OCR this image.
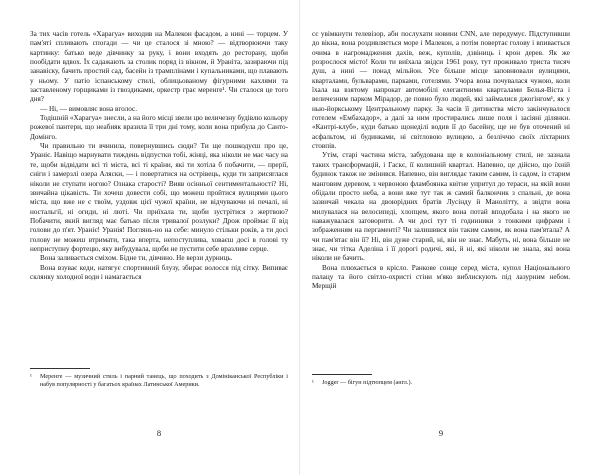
За тих часів готель «Харагуа» виходив на Малекон фасадом, а нині — торцем. У пам'яті спливають спогади — чи це сталося зі мною? — відтворюючи таку картинку: батько веде дівчинку за руку, і вони входять до ресторану, щоби пообідати вдвох. Їх садажають за столик поряд із вікном, й Ураніта, зазираючи під занавіску, бачить простий сад, басейн із трамплінами і купальниками, що плавають у ньому. У патіо іспанському стилі, облицьованому фігурними кахлями та заставленому горщиками із гвоздиками, оркестр грає меренге¹. Чи сталося це того дня?

— Ні, — вимовляє вона вголос.

Тодішній «Харагуа» знесли, а на його місці звели цю величезну будівлю кольору рожевої пантери, що неабияк вразила її три дні тому, коли вона прибула до Санто-Домінго.

Чи правильно ти вчинила, повернувшись сюди? Ти ще пошкодуєш про це, Ураніє. Навіщо марнувати тиждень відпустки тобі, жінці, яка ніколи не має часу на те, щоби відвідати всі ті міста, всі ті країни, які ти хотіла б побачити, — прерії, сніги і замерзлі озера Аляски, — і повертатися на острівець, куди ти заприсяглася ніколи не ступати ногою? Ознака старості? Вияв осінньої сентиментальності? Ні, звичайна цікавість. Ти хочеш довести собі, що можеш пройтися вулицями цього міста, що вже не є твоїм, уздовж цієї чужої країни, не відчуваючи ні печалі, ні ностальгії, ні огиди, ні люті. Чи приїхала ти, щоби зустрітися з жертвою? Побачити, який вигляд має батько після тривалої розлуки? Дрож проймає її від голови до п'ят. Ураніє! Уранія! Поглянь-но на себе: минуло стільки років, а ти досі голову не можеш втримати, така вперта, непоступлива, ховаєш досі в голові ту неприступну фортецю, яку вибудувала, щоби не пустити себе вразливе серце.

Вона заливається сміхом. Бідне ти, дівчино. Не верзи дурниць.

Вона взуває кеди, натягує спортивний блузу, збирає волосся під сітку. Випиває склянку холодної води і намагається

¹ Меренге — музичний стиль і парний танець, що походить з Домініканської Республіки і набув популярності у багатьох країнах Латинської Америки.
8

сє увімкнути телевізор, аби послухати новини CNN, але передумує. Підступивши до вікна, вона роздивляється море і Малекон, а потім повертає голову і впивається очима в нагромадження дахів, веж, куполів, дзвіниць і крон дерев. Як же розрослося місто! Коли ти виїхала звідси 1961 року, тут проживало триста тисяч душ, а нині — понад мільйон. Усе більше місце заповнювали вулицями, кварталами, бульварами, парками, готелями. Учора вона почувалася чужою, коли їхала на взятому напрокат автомобілі елегантними кварталами Белья-Віста і величезним парком Мірадор, де повно було людей, які займалися джогінгом¹, як у нью-йоркському Центральному парку. За часів її дитинства місто закінчувалося готелем «Ембахадор», а далі за ним простирались лише поля і засіяні ділянки. «Кантрі-клуб», куди батько щонеділі водив її до басейну, ще не був оточений ні асфальтом, ні будинками, ні світловою вулицею, а безліччю своїх ліхтарних стовпів.

Утім, старі частина міста, забудована ще в колоніальному стилі, не зазнала таких трансформацій, і Гаскє, її колишній квартал. Напевно, це дійсно, що їхній будинок також не змінився. Напевно, він виглядає таким самим, із садом, із старим манговим деревом, з червоною фламбоянка квітне упритул до тераси, на якій вони обідали просто неба, а вони вже тут так ж самий балкончик з спальні, де вона зазвичай чекала на двоюрідних братів Лусінду й Манолітту, а звідти вона милувалася на велосипеді, хлопцем, якого вона потай вподобала і на якого не наважувалася заговорити. А чи досі тут ті годинники з тонкими цифрами і зображенням на пергаменті? Чи залишився він таким самим, як вона пам'ятала? А чи пам'ятає він її? Ні, він дуже старий, ні, він не знає. Мабуть, ні, вона більше не знає, чи тітка Аделіна і її дорогі родичі, які, й ні, які ніколи не знала, які вона ніколи не бачить.

Вона плюхається в крісло. Ранкове сонце серед міста, купол Національного палацу та його світло-охристі стіни м'яко виблискують під лазурним небом. Мерщій

¹ Jogger — бігун підтюпцем (англ.).
9
